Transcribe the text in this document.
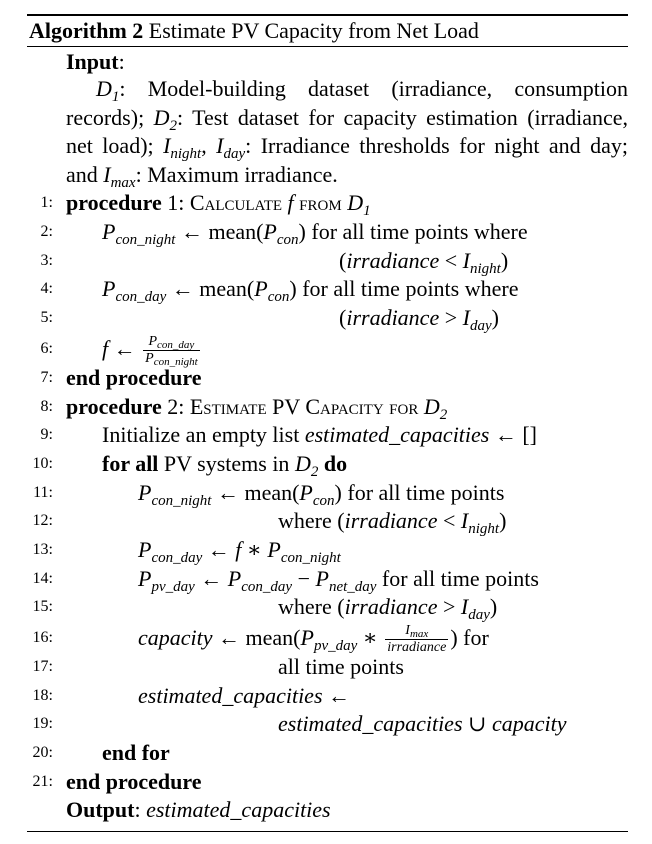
Algorithm 2 Estimate PV Capacity from Net Load
Input:
$D_1$: Model-building dataset (irradiance, consumption records); $D_2$: Test dataset for capacity estimation (irradiance, net load); $I_{night}$, $I_{day}$: Irradiance thresholds for night and day; and $I_{max}$: Maximum irradiance.
1: procedure 1: Calculate f from $D_1$
2: $P_{con\_night}$ ← $mean(P_{con})$ for all time points where
3:	(irradiance < $I_{night}$)
4: $P_{con\_day}$ ← $mean(P_{con})$ for all time points where
5:	(irradiance > $I_{day}$)
6: f ← $\frac{P_{con\_day}}{P_{con\_night}}$
7: end procedure
8: procedure 2: Estimate PV Capacity for $D_2$
9: Initialize an empty list estimated_capacities ← []
10: for all PV systems in $D_2$ do
11:	$P_{con\_night}$ ← $mean(P_{con})$ for all time points
12:	where (irradiance < $I_{night}$)
13:	$P_{con\_day}$ ← f ∗ $P_{con\_night}$
14:	$P_{pv\_day}$ ← $P_{con\_day} - P_{net\_day}$ for all time points
15:	where (irradiance > $I_{day}$)
16:	capacity ← $mean(P_{pv\_day}$ ∗ $\frac{I_{max}}{\text{irradiance}}$ ) for
17:	all time points
18:	estimated_capacities ←
19:	estimated_capacities ∪ capacity
20: end for
21: end procedure
Output: estimated_capacities
